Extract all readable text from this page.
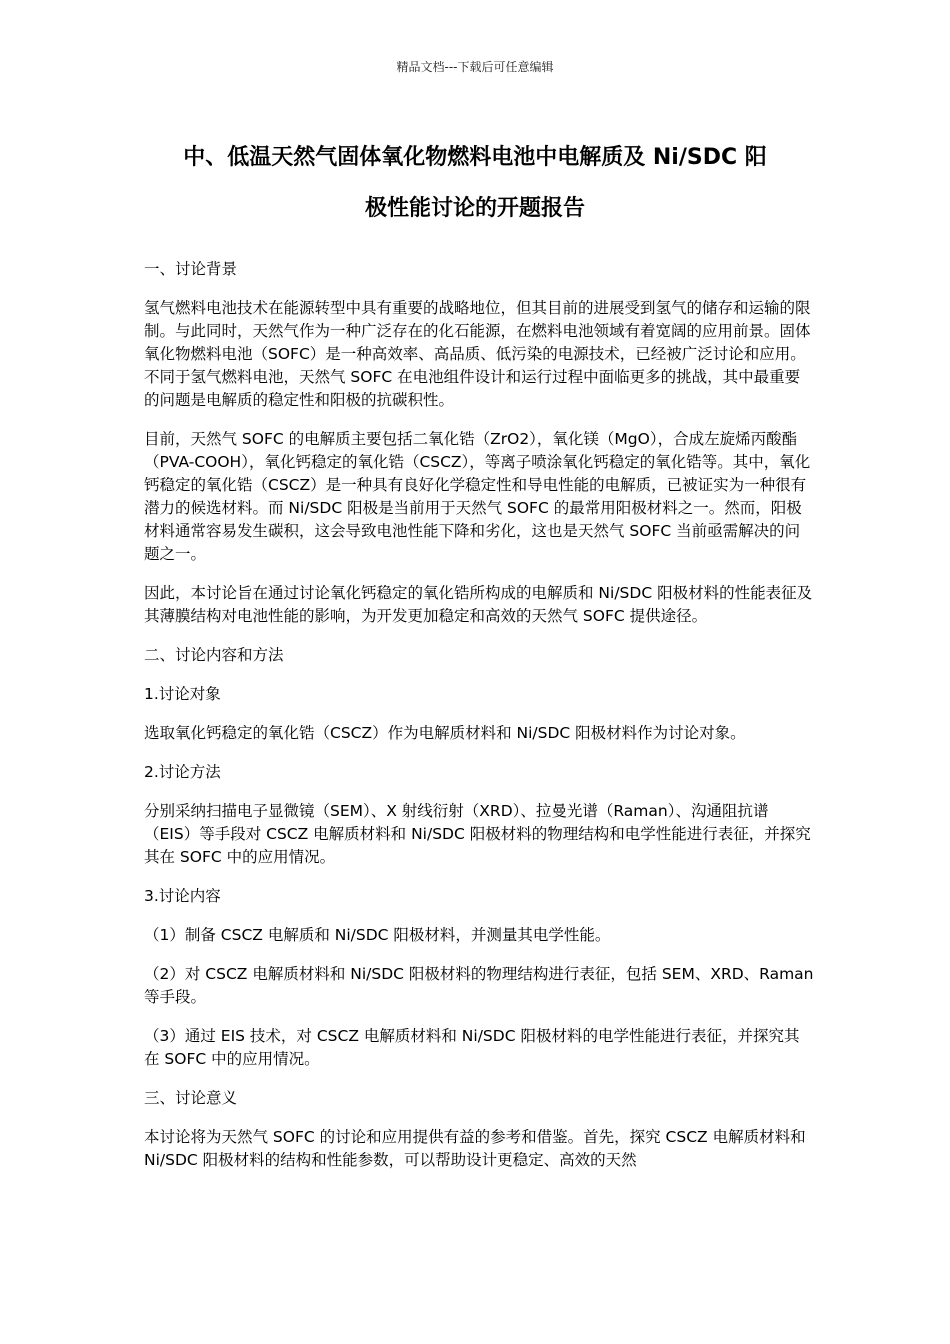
精品文档---下载后可任意编辑
中、低温天然气固体氧化物燃料电池中电解质及 Ni/SDC 阳
极性能讨论的开题报告

一、讨论背景

氢气燃料电池技术在能源转型中具有重要的战略地位，但其目前的进展受到氢气的储存和运输的限制。与此同时，天然气作为一种广泛存在的化石能源，在燃料电池领域有着宽阔的应用前景。固体氧化物燃料电池（SOFC）是一种高效率、高品质、低污染的电源技术，已经被广泛讨论和应用。不同于氢气燃料电池，天然气 SOFC 在电池组件设计和运行过程中面临更多的挑战，其中最重要的问题是电解质的稳定性和阳极的抗碳积性。

目前，天然气 SOFC 的电解质主要包括二氧化锆（ZrO2），氧化镁（MgO），合成左旋烯丙酸酯（PVA-COOH），氧化钙稳定的氧化锆（CSCZ），等离子喷涂氧化钙稳定的氧化锆等。其中，氧化钙稳定的氧化锆（CSCZ）是一种具有良好化学稳定性和导电性能的电解质，已被证实为一种很有潜力的候选材料。而 Ni/SDC 阳极是当前用于天然气 SOFC 的最常用阳极材料之一。然而，阳极材料通常容易发生碳积，这会导致电池性能下降和劣化，这也是天然气 SOFC 当前亟需解决的问题之一。

因此，本讨论旨在通过讨论氧化钙稳定的氧化锆所构成的电解质和 Ni/SDC 阳极材料的性能表征及其薄膜结构对电池性能的影响，为开发更加稳定和高效的天然气 SOFC 提供途径。

二、讨论内容和方法

1.讨论对象

选取氧化钙稳定的氧化锆（CSCZ）作为电解质材料和 Ni/SDC 阳极材料作为讨论对象。

2.讨论方法

分别采纳扫描电子显微镜（SEM）、X 射线衍射（XRD）、拉曼光谱（Raman）、沟通阻抗谱（EIS）等手段对 CSCZ 电解质材料和 Ni/SDC 阳极材料的物理结构和电学性能进行表征，并探究其在 SOFC 中的应用情况。

3.讨论内容

（1）制备 CSCZ 电解质和 Ni/SDC 阳极材料，并测量其电学性能。

（2）对 CSCZ 电解质材料和 Ni/SDC 阳极材料的物理结构进行表征，包括 SEM、XRD、Raman 等手段。

（3）通过 EIS 技术，对 CSCZ 电解质材料和 Ni/SDC 阳极材料的电学性能进行表征，并探究其在 SOFC 中的应用情况。

三、讨论意义

本讨论将为天然气 SOFC 的讨论和应用提供有益的参考和借鉴。首先，探究 CSCZ 电解质材料和 Ni/SDC 阳极材料的结构和性能参数，可以帮助设计更稳定、高效的天然
